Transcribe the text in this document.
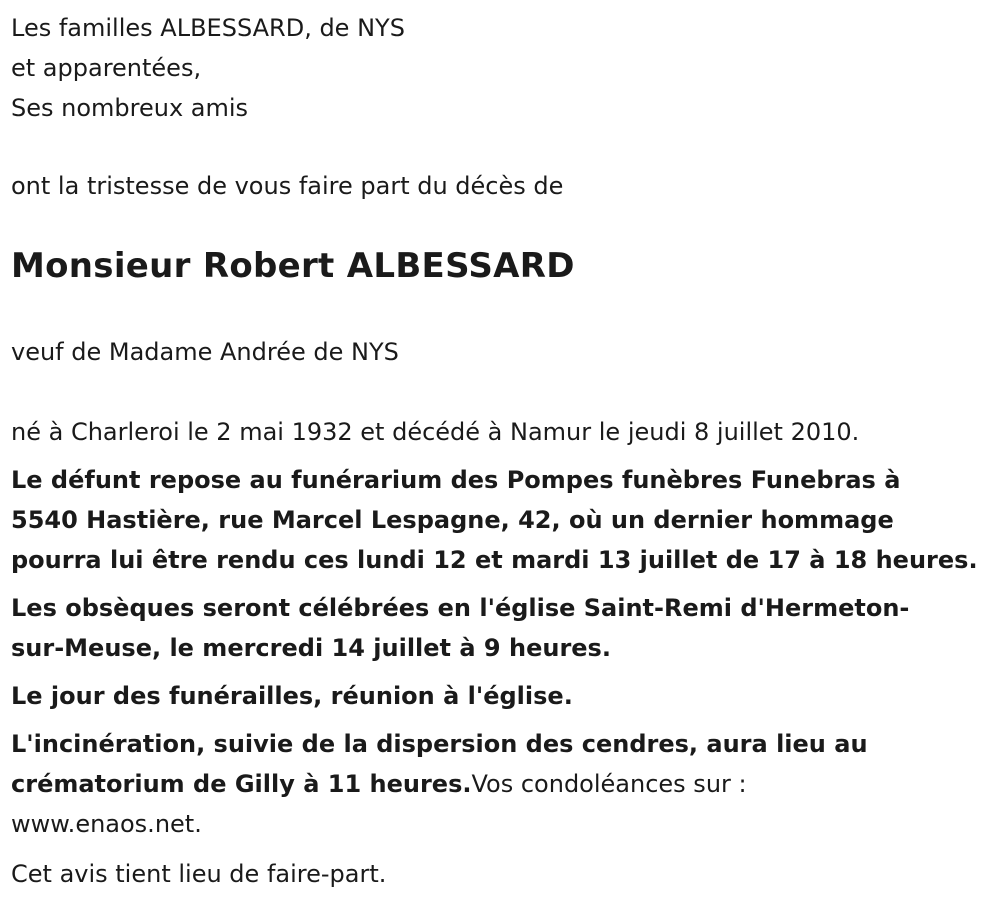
Les familles ALBESSARD, de NYS

et apparentées,

Ses nombreux amis

ont la tristesse de vous faire part du décès de

Monsieur Robert ALBESSARD

veuf de Madame Andrée de NYS

né à Charleroi le 2 mai 1932 et décédé à Namur le jeudi 8 juillet 2010.

Le défunt repose au funérarium des Pompes funèbres Funebras à
5540 Hastière, rue Marcel Lespagne, 42, où un dernier hommage
pourra lui être rendu ces lundi 12 et mardi 13 juillet de 17 à 18 heures.
Les obsèques seront célébrées en l'église Saint-Remi d'Hermeton-
sur-Meuse, le mercredi 14 juillet à 9 heures.
Le jour des funérailles, réunion à l'église.
L'incinération, suivie de la dispersion des cendres, aura lieu au
crématorium de Gilly à 11 heures.Vos condoléances sur :
www.enaos.net.

Cet avis tient lieu de faire-part.
